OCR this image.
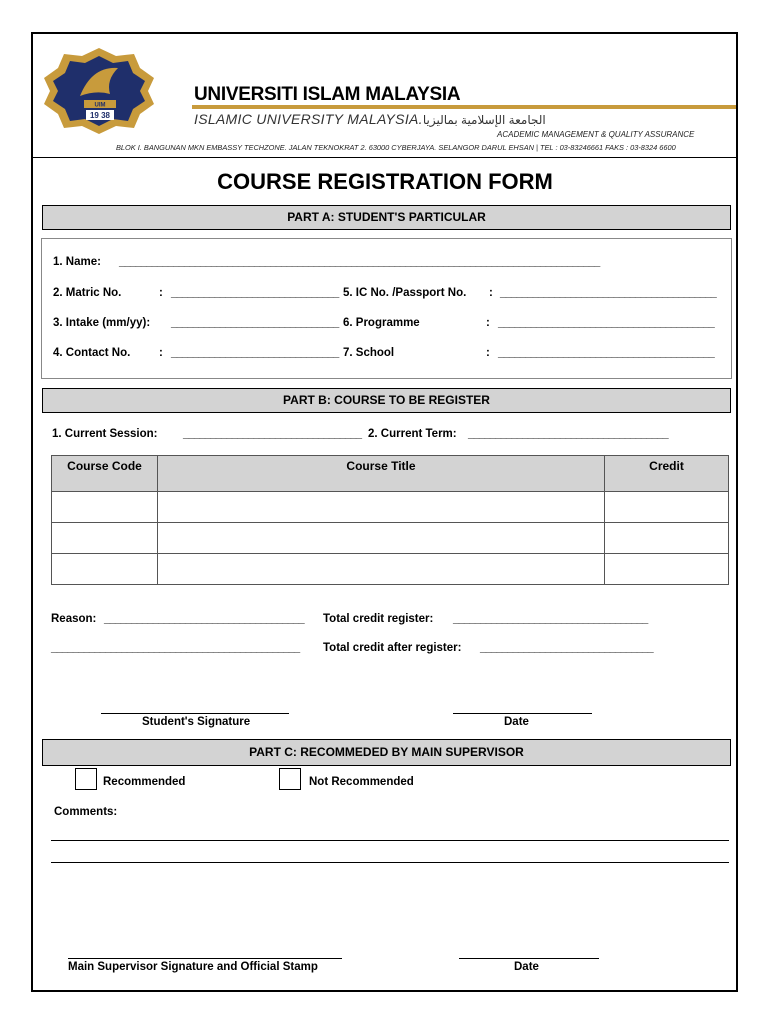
UIM
19 38
UNIVERSITI ISLAM MALAYSIA
ISLAMIC UNIVERSITY MALAYSIA.الجامعة الإسلامية بماليزيا
ACADEMIC MANAGEMENT & QUALITY ASSURANCE
BLOK I. BANGUNAN MKN EMBASSY TECHZONE. JALAN TEKNOKRAT 2. 63000 CYBERJAYA. SELANGOR DARUL EHSAN | TEL : 03-83246661 FAKS : 03-8324 6600
COURSE REGISTRATION FORM
PART A: STUDENT'S PARTICULAR
1. Name: _________________________________________________________________________________________
2. Matric No.	: _______________________________ 5. IC No. /Passport No. : ________________________________________
3. Intake (mm/yy): _______________________________ 6. Programme	: ________________________________________
4. Contact No. : _______________________________ 7. School	: ________________________________________
PART B: COURSE TO BE REGISTER
1. Current Session: _________________________________ 2. Current Term: _____________________________________
Course Code	Course Title	Credit

Reason: _____________________________________ Total credit register: ____________________________________
______________________________________________ Total credit after register: ________________________________
Student's Signature	Date
PART C: RECOMMEDED BY MAIN SUPERVISOR
Recommended	Not Recommended
Comments:
Main Supervisor Signature and Official Stamp	Date
